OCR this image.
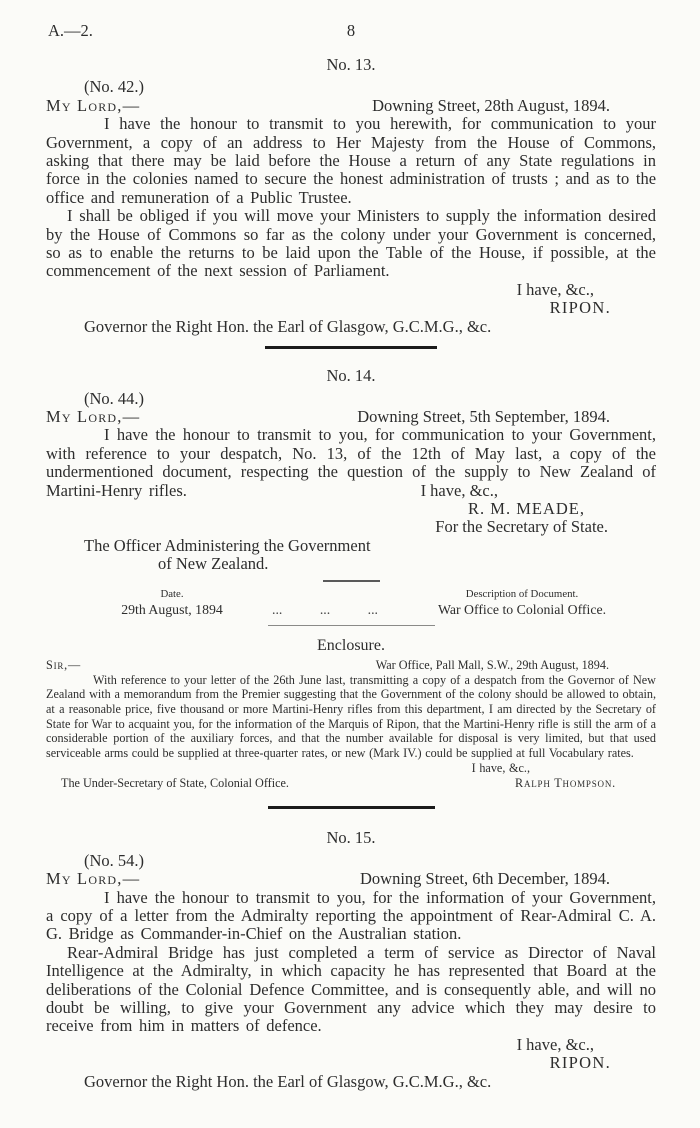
A.—2.	8
No. 13.
(No. 42.)
My Lord,—	Downing Street, 28th August, 1894.

I have the honour to transmit to you herewith, for communication to your Government, a copy of an address to Her Majesty from the House of Commons, asking that there may be laid before the House a return of any State regulations in force in the colonies named to secure the honest administration of trusts ; and as to the office and remuneration of a Public Trustee.

I shall be obliged if you will move your Ministers to supply the information desired by the House of Commons so far as the colony under your Government is concerned, so as to enable the returns to be laid upon the Table of the House, if possible, at the commencement of the next session of Parliament.

I have, &c.,
RIPON.
Governor the Right Hon. the Earl of Glasgow, G.C.M.G., &c.
No. 14.
(No. 44.)
My Lord,—	Downing Street, 5th September, 1894.

I have the honour to transmit to you, for communication to your Government, with reference to your despatch, No. 13, of the 12th of May last, a copy of the undermentioned document, respecting the question of the supply to New Zealand of Martini-Henry rifles.	I have, &c.,

R. M. MEADE,
For the Secretary of State.
The Officer Administering the Government
of New Zealand.
Date.	Description of Document.
29th August, 1894	...	...	...	War Office to Colonial Office.
Enclosure.
Sir,—	War Office, Pall Mall, S.W., 29th August, 1894.

With reference to your letter of the 26th June last, transmitting a copy of a despatch from the Governor of New Zealand with a memorandum from the Premier suggesting that the Government of the colony should be allowed to obtain, at a reasonable price, five thousand or more Martini-Henry rifles from this department, I am directed by the Secretary of State for War to acquaint you, for the information of the Marquis of Ripon, that the Martini-Henry rifle is still the arm of a considerable portion of the auxiliary forces, and that the number available for disposal is very limited, but that used serviceable arms could be supplied at three-quarter rates, or new (Mark IV.) could be supplied at full Vocabulary rates.
I have, &c.,

The Under-Secretary of State, Colonial Office.	Ralph Thompson.
No. 15.
(No. 54.)
My Lord,—	Downing Street, 6th December, 1894.

I have the honour to transmit to you, for the information of your Government, a copy of a letter from the Admiralty reporting the appointment of Rear-Admiral C. A. G. Bridge as Commander-in-Chief on the Australian station.

Rear-Admiral Bridge has just completed a term of service as Director of Naval Intelligence at the Admiralty, in which capacity he has represented that Board at the deliberations of the Colonial Defence Committee, and is consequently able, and will no doubt be willing, to give your Government any advice which they may desire to receive from him in matters of defence.

I have, &c.,
RIPON.
Governor the Right Hon. the Earl of Glasgow, G.C.M.G., &c.
